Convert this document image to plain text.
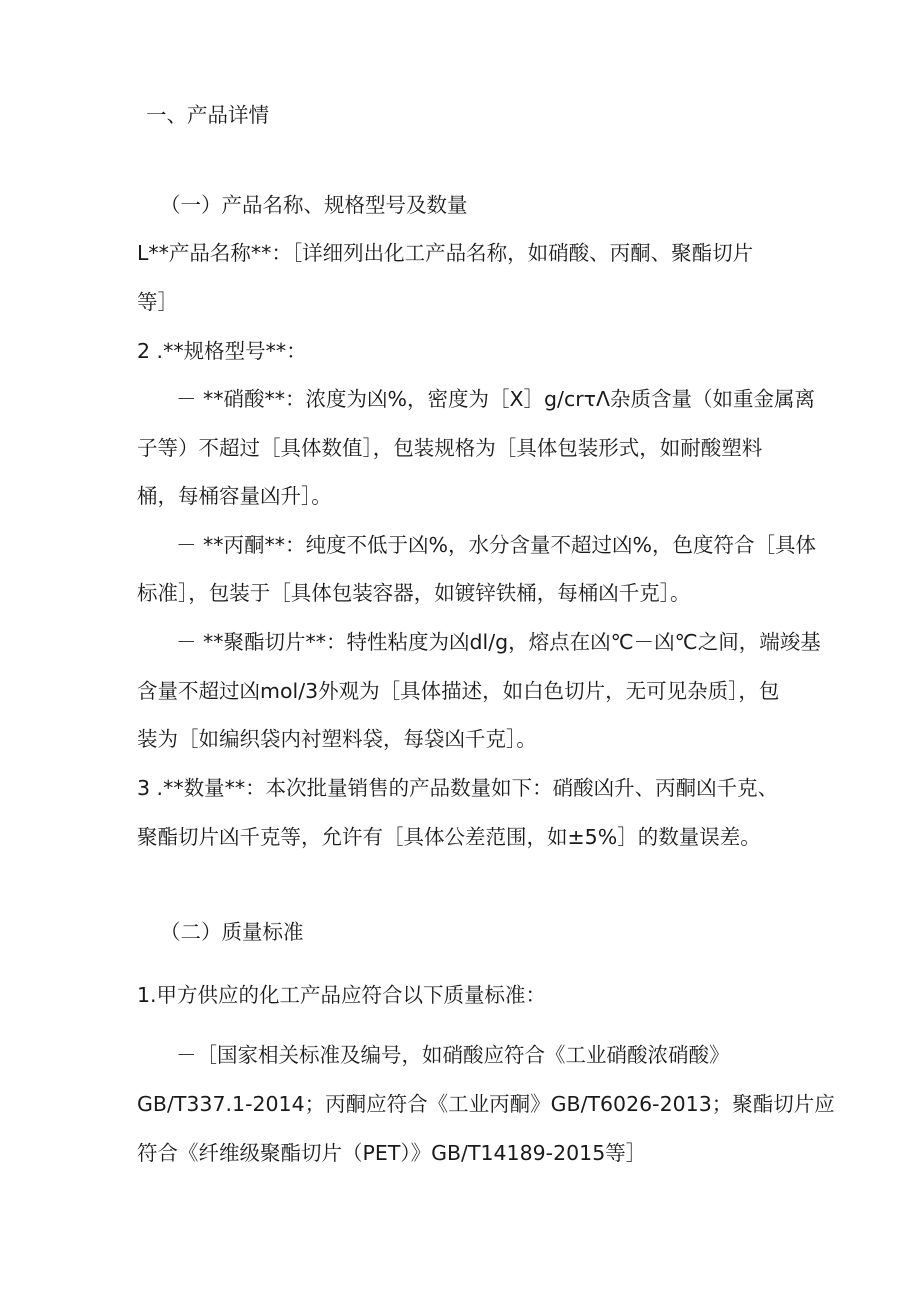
一、产品详情
（一）产品名称、规格型号及数量
L**产品名称**：［详细列出化工产品名称，如硝酸、丙酮、聚酯切片
等］
2 .**规格型号**：
－ **硝酸**：浓度为凶%，密度为［X］g∕crτΛ杂质含量（如重金属离
子等）不超过［具体数值］，包装规格为［具体包装形式，如耐酸塑料
桶，每桶容量凶升］。
－ **丙酮**：纯度不低于凶%，水分含量不超过凶%，色度符合［具体
标准］，包装于［具体包装容器，如镀锌铁桶，每桶凶千克］。
－ **聚酯切片**：特性粘度为凶dl∕g，熔点在凶℃－凶℃之间，端竣基
含量不超过凶mol/3外观为［具体描述，如白色切片，无可见杂质］，包
装为［如编织袋内衬塑料袋，每袋凶千克］。
3 .**数量**：本次批量销售的产品数量如下：硝酸凶升、丙酮凶千克、
聚酯切片凶千克等，允许有［具体公差范围，如±5%］的数量误差。
（二）质量标准
1.甲方供应的化工产品应符合以下质量标准：
－［国家相关标准及编号，如硝酸应符合《工业硝酸浓硝酸》
GB/T337.1-2014；丙酮应符合《工业丙酮》GB/T6026-2013；聚酯切片应
符合《纤维级聚酯切片（PET）》GB/T14189-2015等］
